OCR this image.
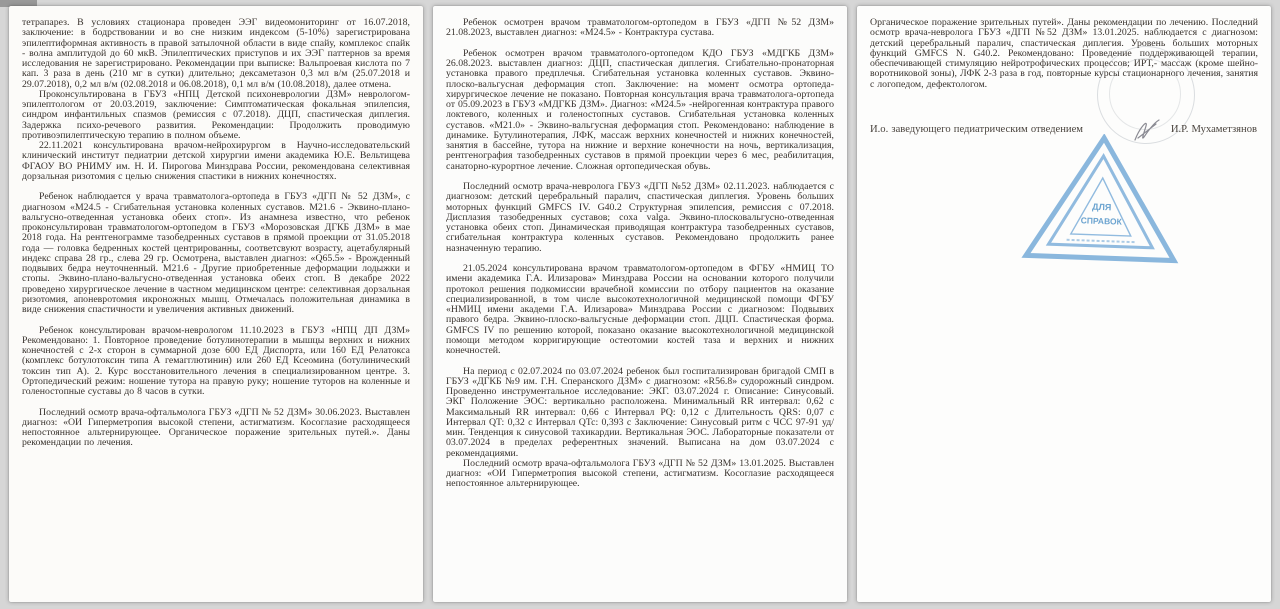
тетрапарез. В условиях стационара проведен ЭЭГ видеомониторинг от 16.07.2018, заключение: в бодрствовании и во сне низким индексом (5-10%) зарегистрирована эпилептиформная активность в правой затылочной области в виде спайу, комплекос спайк - волна амплитудой до 60 мкВ. Эпилептических приступов и их ЭЭГ паттернов за время исследования не зарегистрировано. Рекомендации при выписке: Вальпроевая кислота по 7 кап. 3 раза в день (210 мг в сутки) длительно; дексаметазон 0,3 мл в/м (25.07.2018 и 29.07.2018), 0,2 мл в/м (02.08.2018 и 06.08.2018), 0,1 мл в/м (10.08.2018), далее отмена.

Проконсультирована в ГБУЗ «НПЦ Детской психоневрологии ДЗМ» неврологом- эпилептологом от 20.03.2019, заключение: Симптоматическая фокальная эпилепсия, синдром инфантильных спазмов (ремиссия с 07.2018). ДЦП, спастическая диплегия. Задержка психо-речевого развития. Рекомендации: Продолжить проводимую противоэпилептическую терапию в полном объеме.

22.11.2021 консультирована врачом-нейрохирургом в Научно-исследовательский клинический институт педиатрии детской хирургии имени академика Ю.Е. Вельтищева ФГАОУ ВО РНИМУ им. Н. И. Пирогова Минздрава России, рекомендована селективная дорзальная ризотомия с целью снижения спастики в нижних конечностях.

Ребенок наблюдается у врача травматолога-ортопеда в ГБУЗ «ДГП № 52 ДЗМ», с диагнозом «М24.5 - Сгибательная установка коленных суставов. М21.6 - Эквино-плано-вальгусно-отведенная установка обеих стоп». Из анамнеза известно, что ребенок проконсультирован травматологом-ортопедом в ГБУЗ «Морозовская ДГКБ ДЗМ» в мае 2018 года. На рентгенограмме тазобедренных суставов в прямой проекции от 31.05.2018 года — головка бедренных костей центрированны, соответсвуют возрасту, ацетабулярный индекс справа 28 гр., слева 29 гр. Осмотрена, выставлен диагноз: «Q65.5» - Врожденный подвывих бедра неуточненный. М21.6 - Другие приобретенные деформации лодыжки и стопы. Эквино-плано-вальгусно-отведенная установка обеих стоп. В декабре 2022 проведено хирургическое лечение в частном медицинском центре: селективная дорзальная ризотомия, апоневротомия икроножных мышц. Отмечалась положительная динамика в виде снижения спастичности и увеличения активных движений.

Ребенок консультирован врачом-неврологом 11.10.2023 в ГБУЗ «НПЦ ДП ДЗМ» Рекомендовано: 1. Повторное проведение ботулинотерапии в мышцы верхних и нижних конечностей с 2-х сторон в суммарной дозе 600 ЕД Диспорта, или 160 ЕД Релатокса (комплекс ботулотоксин типа А гемагглютинин) или 260 ЕД Ксеомина (ботулинический токсин тип А). 2. Курс восстановительного лечения в специализированном центре. 3. Ортопедический режим: ношение тутора на правую руку; ношение туторов на коленные и голеностопные суставы до 8 часов в сутки.

Последний осмотр врача-офтальмолога ГБУЗ «ДГП № 52 ДЗМ» 30.06.2023. Выставлен диагноз: «ОИ Гиперметропия высокой степени, астигматизм. Косоглазие расходящееся непостоянное альтернирующее. Органическое поражение зрительных путей.». Даны рекомендации по лечения.

Ребенок осмотрен врачом травматологом-ортопедом в ГБУЗ «ДГП №52 ДЗМ» 21.08.2023, выставлен диагноз: «М24.5» - Контрактура сустава.

Ребенок осмотрен врачом травматолого-ортопедом КДО ГБУЗ «МДГКБ ДЗМ» 26.08.2023. выставлен диагноз: ДЦП, спастическая диплегия. Сгибательно-пронаторная установка правого предплечья. Сгибательная установка коленных суставов. Эквино-плоско-вальгусная деформация стоп. Заключение: на момент осмотра ортопеда- хирургическое лечение не показано. Повторная консультация врача травматолога-ортопеда от 05.09.2023 в ГБУЗ «МДГКБ ДЗМ». Диагноз: «М24.5» -нейрогенная контрактура правого локтевого, коленных и голеностопных суставов. Сгибательная установка коленных суставов. «М21.0» - Эквино-вальгусная деформация стоп. Рекомендовано: наблюдение в динамике. Бутулинотерапия, ЛФК, массаж верхних конечностей и нижних конечностей, занятия в бассейне, тутора на нижние и верхние конечности на ночь, вертикализация, рентгенография тазобедренных суставов в прямой проекции через 6 мес, реабилитация, санаторно-курортное лечение. Сложная ортопедическая обувь.

Последний осмотр врача-невролога ГБУЗ «ДГП №52 ДЗМ» 02.11.2023. наблюдается с диагнозом: детский церебральный паралич, спастическая диплегия. Уровень больших моторных функций GMFCS IV. G40.2 Структурная эпилепсия, ремиссия с 07.2018. Дисплазия тазобедренных суставов; coxa valga. Эквино-плосковальгусно-отведенная установка обеих стоп. Динамическая приводящая контрактура тазобедренных суставов, сгибательная контрактура коленных суставов. Рекомендовано продолжить ранее назначенную терапию.

21.05.2024 консультирована врачом травматологом-ортопедом в ФГБУ «НМИЦ ТО имени академика Г.А. Илизарова» Минздрава России на основании которого получили протокол решения подкомиссии врачебной комиссии по отбору пациентов на оказание специализированной, в том числе высокотехнологичной медицинской помощи ФГБУ «НМИЦ имени академи Г.А. Илизарова» Минздрава России с диагнозом: Подвывих правого бедра. Эквино-плоско-вальгусные деформации стоп. ДЦП. Спастическая форма. GMFCS IV по решению которой, показано оказание высокотехнологичной медицинской помощи методом корригирующие остеотомии костей таза и верхних и нижних конечностей.

На период с 02.07.2024 по 03.07.2024 ребенок был госпитализирован бригадой СМП в ГБУЗ «ДГКБ №9 им. Г.Н. Сперанского ДЗМ» с диагнозом: «R56.8» судорожный синдром. Проведенно инструментальное исследование: ЭКГ. 03.07.2024 г. Описание: Синусовый. ЭКГ Положение ЭОС: вертикально расположена. Минимальный RR интервал: 0,62 с Максимальный RR интервал: 0,66 с Интервал PQ: 0,12 с Длительность QRS: 0,07 с Интервал QT: 0,32 с Интервал QTc: 0,393 с Заключение: Синусовый ритм с ЧСС 97-91 уд/мин. Тенденция к синусовой тахикардии. Вертикальная ЭОС. Лабораторные показатели от 03.07.2024 в пределах референтных значений. Выписана на дом 03.07.2024 с рекомендациями.

Последний осмотр врача-офтальмолога ГБУЗ «ДГП № 52 ДЗМ» 13.01.2025. Выставлен диагноз: «ОИ Гиперметропия высокой степени, астигматизм. Косоглазие расходящееся непостоянное альтернирующее.

Органическое поражение зрительных путей». Даны рекомендации по лечению. Последний осмотр врача-невролога ГБУЗ «ДГП №52 ДЗМ» 13.01.2025. наблюдается с диагнозом: детский церебральный паралич, спастическая диплегия. Уровень больших моторных функций GMFCS N. G40.2. Рекомендовано: Проведение поддерживающей терапии, обеспечивающей стимуляцию нейротрофических процессов; ИРТ,- массаж (кроме шейно-воротниковой зоны), ЛФК 2-3 раза в год, повторные курсы стационарного лечения, занятия с логопедом, дефектологом.

И.о. заведующего педиатрическим отведением	И.Р. Мухаметзянов
ДЛЯ
СПРАВОК
